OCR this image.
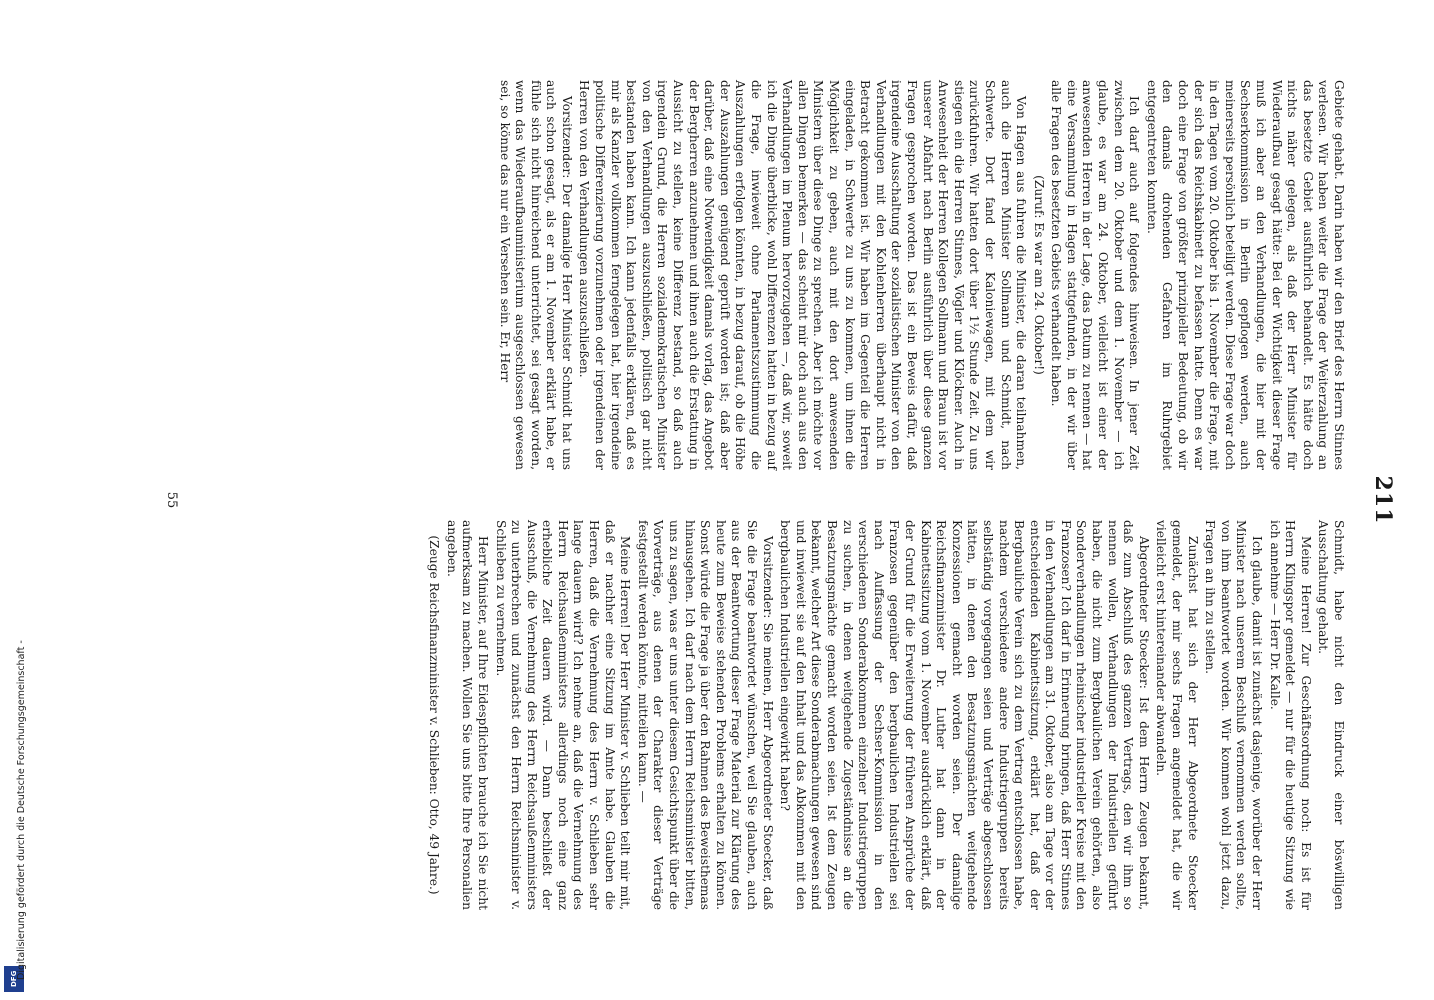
211

Gebiete gehabt. Darin haben wir den Brief des Herrn Stinnes verlesen. Wir haben weiter die Frage der Weiterzahlung an das besetzte Gebiet ausführlich behandelt. Es hätte doch nichts näher gelegen, als daß der Herr Minister für Wiederaufbau gesagt hätte: Bei der Wichtigkeit dieser Frage muß ich aber an den Verhandlungen, die hier mit der Sechserkommission in Berlin gepflogen werden, auch meinerseits persönlich beteiligt werden. Diese Frage war doch in den Tagen vom 20. Oktober bis 1. November die Frage, mit der sich das Reichskabinett zu befassen hatte. Denn es war doch eine Frage von größter prinzipieller Bedeutung, ob wir den damals drohenden Gefahren im Ruhrgebiet entgegentreten konnten.

Ich darf auch auf folgendes hinweisen. In jener Zeit zwischen dem 20. Oktober und dem 1. November — ich glaube, es war am 24. Oktober, vielleicht ist einer der anwesenden Herren in der Lage, das Datum zu nennen — hat eine Versammlung in Hagen stattgefunden, in der wir über alle Fragen des besetzten Gebiets verhandelt haben.

(Zuruf: Es war am 24. Oktober!)

Von Hagen aus fuhren die Minister, die daran teilnahmen, auch die Herren Minister Sollmann und Schmidt, nach Schwerte. Dort fand der Kaloniewagen, mit dem wir zurückfuhren. Wir hatten dort über 1½ Stunde Zeit. Zu uns stiegen ein die Herren Stinnes, Vögler und Klöckner. Auch in Anwesenheit der Herren Kollegen Sollmann und Braun ist vor unserer Abfahrt nach Berlin ausführlich über diese ganzen Fragen gesprochen worden. Das ist ein Beweis dafür, daß irgendeine Ausschaltung der sozialistischen Minister von den Verhandlungen mit den Kohlenherren überhaupt nicht in Betracht gekommen ist. Wir haben im Gegenteil die Herren eingeladen, in Schwerte zu uns zu kommen, um ihnen die Möglichkeit zu geben, auch mit den dort anwesenden Ministern über diese Dinge zu sprechen. Aber ich möchte vor allen Dingen bemerken — das scheint mir doch auch aus den Verhandlungen im Plenum hervorzugehen —, daß wir, soweit ich die Dinge überblicke, wohl Differenzen hatten in bezug auf die Frage, inwieweit ohne Parlamentszustimmung die Auszahlungen erfolgen könnten, in bezug darauf, ob die Höhe der Auszahlungen genügend geprüft worden ist; daß aber darüber, daß eine Notwendigkeit damals vorlag, das Angebot der Bergherren anzunehmen und ihnen auch die Erstattung in Aussicht zu stellen, keine Differenz bestand, so daß auch irgendein Grund, die Herren sozialdemokratischen Minister von den Verhandlungen auszuschließen, politisch gar nicht bestanden haben kann. Ich kann jedenfalls erklären, daß es mir als Kanzler vollkommen ferngelegen hat, hier irgendeine politische Differenzierung vorzunehmen oder irgendeinen der Herren von den Verhandlungen auszuschließen.

Vorsitzender: Der damalige Herr Minister Schmidt hat uns auch schon gesagt, als er am 1. November erklärt habe, er fühle sich nicht hinreichend unterrichtet, sei gesagt worden, wenn das Wiederaufbauministerium ausgeschlossen gewesen sei, so könne das nur ein Versehen sein. Er, Herr

Schmidt, habe nicht den Eindruck einer böswilligen Ausschaltung gehabt.

Meine Herren! Zur Geschäftsordnung noch: Es ist für Herrn Klingspor gemeldet — nur für die heutige Sitzung wie ich annehme — Herr Dr. Kalle.

Ich glaube, damit ist zunächst dasjenige, worüber der Herr Minister nach unserem Beschluß vernommen werden sollte, von ihm beantwortet worden. Wir kommen wohl jetzt dazu, Fragen an ihn zu stellen.

Zunächst hat sich der Herr Abgeordnete Stoecker gemeldet, der mir sechs Fragen angemeldet hat, die wir vielleicht erst hintereinander abwandeln.

Abgeordneter Stoecker: Ist dem Herrn Zeugen bekannt, daß zum Abschluß des ganzen Vertrags, den wir ihm so nennen wollen, Verhandlungen der Industriellen geführt haben, die nicht zum Bergbaulichen Verein gehörten, also Sonderverhandlungen rheinischer industrieller Kreise mit den Franzosen? Ich darf in Erinnerung bringen, daß Herr Stinnes in den Verhandlungen am 31. Oktober, also am Tage vor der entscheidenden Kabinettssitzung, erklärt hat, daß der Bergbauliche Verein sich zu dem Vertrag entschlossen habe, nachdem verschiedene andere Industriegruppen bereits selbständig vorgegangen seien und Verträge abgeschlossen hätten, in denen den Besatzungsmächten weitgehende Konzessionen gemacht worden seien. Der damalige Reichsfinanzminister Dr. Luther hat dann in der Kabinettssitzung vom 1. November ausdrücklich erklärt, daß der Grund für die Erweiterung der früheren Ansprüche der Franzosen gegenüber den bergbaulichen Industriellen sei nach Auffassung der Sechser-Kommission in den verschiedenen Sonderabkommen einzelner Industriegruppen zu suchen, in denen weitgehende Zugeständnisse an die Besatzungsmächte gemacht worden seien. Ist dem Zeugen bekannt, welcher Art diese Sonderabmachungen gewesen sind und inwieweit sie auf den Inhalt und das Abkommen mit den bergbaulichen Industriellen eingewirkt haben?

Vorsitzender: Sie meinen, Herr Abgeordneter Stoecker, daß Sie die Frage beantwortet wünschen, weil Sie glauben, auch aus der Beantwortung dieser Frage Material zur Klärung des heute zum Beweise stehenden Problems erhalten zu können. Sonst würde die Frage ja über den Rahmen des Beweisthemas hinausgehen. Ich darf nach dem Herrn Reichsminister bitten, uns zu sagen, was er uns unter diesem Gesichtspunkt über die Vorverträge, aus denen der Charakter dieser Verträge festgestellt werden könnte, mitteilen kann. —

Meine Herren! Der Herr Minister v. Schlieben teilt mir mit, daß er nachher eine Sitzung im Amte habe. Glauben die Herren, daß die Vernehmung des Herrn v. Schlieben sehr lange dauern wird? Ich nehme an, daß die Vernehmung des Herrn Reichsaußenministers allerdings noch eine ganz erhebliche Zeit dauern wird. — Dann beschließt der Ausschuß, die Vernehmung des Herrn Reichsaußenministers zu unterbrechen und zunächst den Herrn Reichsminister v. Schlieben zu vernehmen.

Herr Minister, auf Ihre Eidespflichten brauche ich Sie nicht aufmerksam zu machen. Wollen Sie uns bitte Ihre Personalien angeben.

(Zeuge Reichsfinanzminister v. Schlieben: Otto, 49 Jahre.)

55
DFG
Digitalisierung gefördert durch die Deutsche Forschungsgemeinschaft -
